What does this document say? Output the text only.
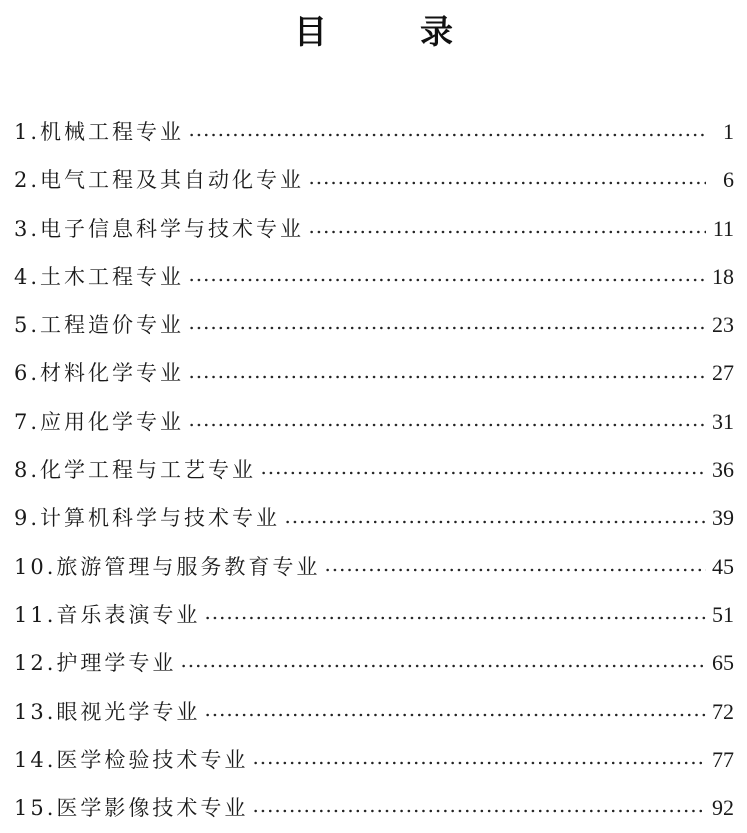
目　录
1.机械工程专业	1
2.电气工程及其自动化专业	6
3.电子信息科学与技术专业	11
4.土木工程专业	18
5.工程造价专业	23
6.材料化学专业	27
7.应用化学专业	31
8.化学工程与工艺专业	36
9.计算机科学与技术专业	39
10.旅游管理与服务教育专业	45
11.音乐表演专业	51
12.护理学专业	65
13.眼视光学专业	72
14.医学检验技术专业	77
15.医学影像技术专业	92
